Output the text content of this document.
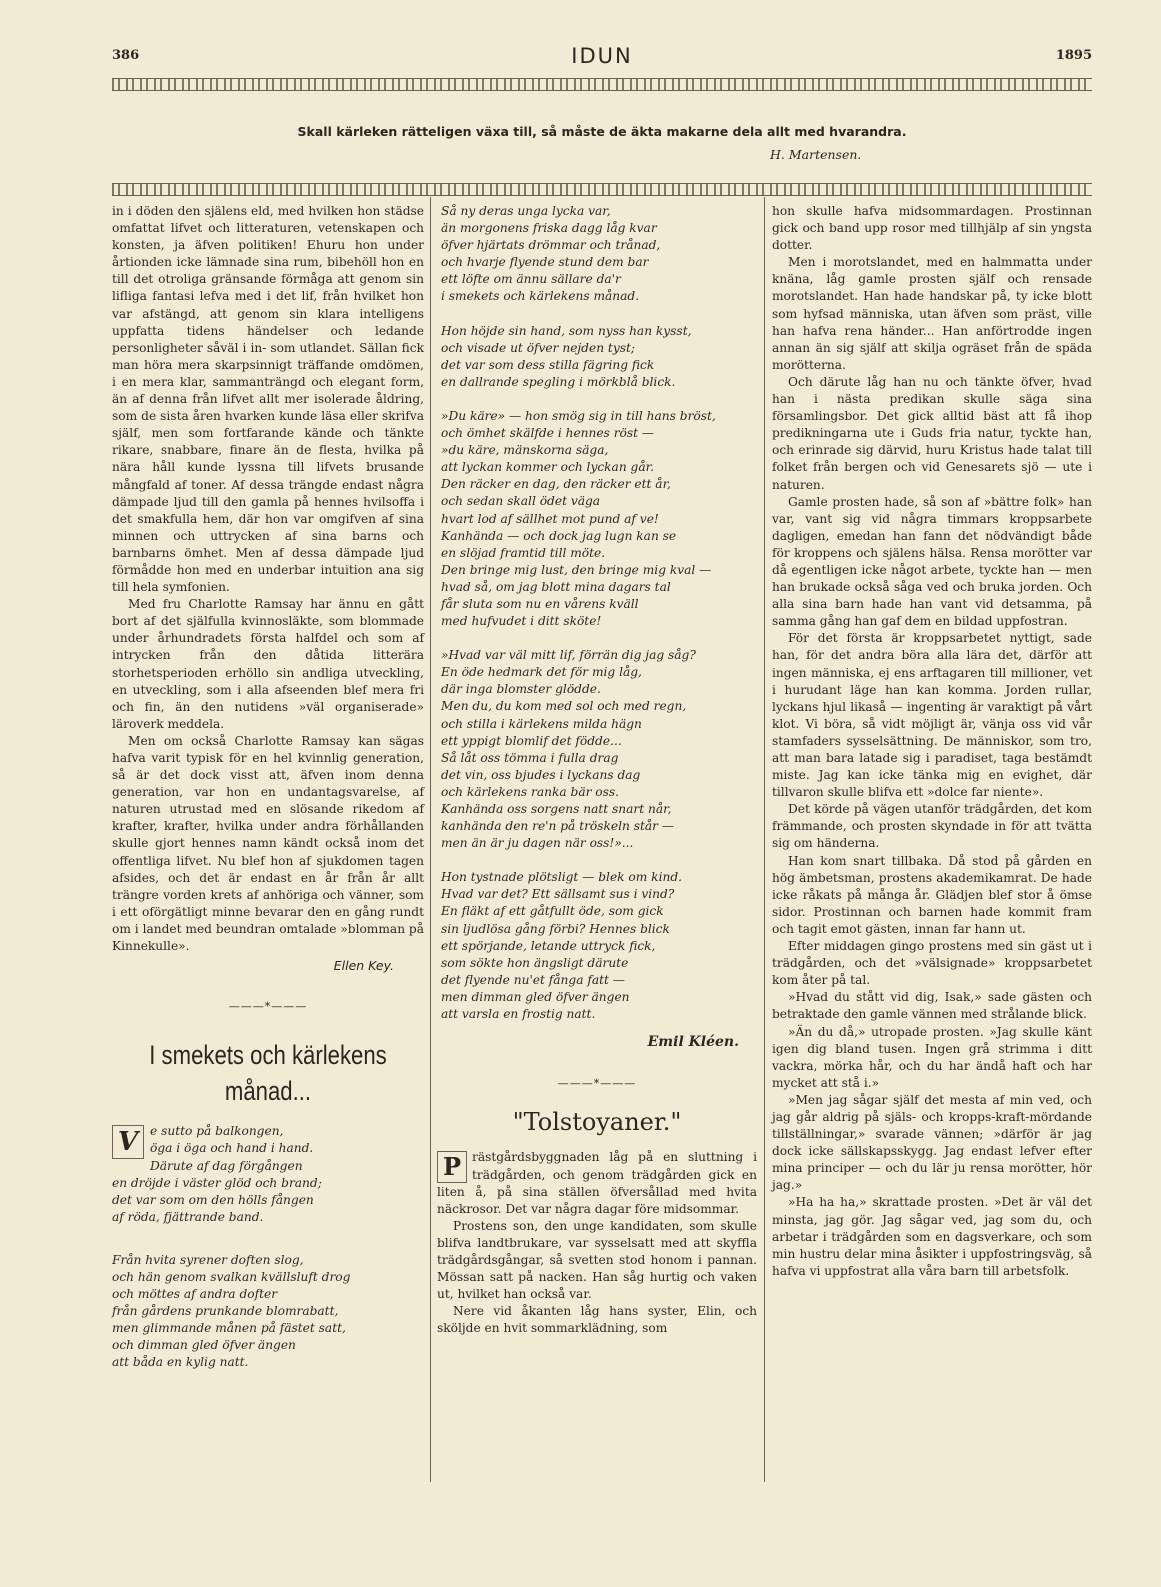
386	IDUN	1895
Skall kärleken rätteligen växa till, så måste de äkta makarne dela allt med hvarandra.
H. Martensen.

in i döden den själens eld, med hvilken hon städse omfattat lifvet och litteraturen, vetenskapen och konsten, ja äfven politiken! Ehuru hon under årtionden icke lämnade sina rum, bibehöll hon en till det otroliga gränsande förmåga att genom sin lifliga fantasi lefva med i det lif, från hvilket hon var afstängd, att genom sin klara intelligens uppfatta tidens händelser och ledande personligheter såväl i in- som utlandet. Sällan fick man höra mera skarpsinnigt träffande omdömen, i en mera klar, sammanträngd och elegant form, än af denna från lifvet allt mer isolerade åldring, som de sista åren hvarken kunde läsa eller skrifva själf, men som fortfarande kände och tänkte rikare, snabbare, finare än de flesta, hvilka på nära håll kunde lyssna till lifvets brusande mångfald af toner. Af dessa trängde endast några dämpade ljud till den gamla på hennes hvilsoffa i det smakfulla hem, där hon var omgifven af sina minnen och uttrycken af sina barns och barnbarns ömhet. Men af dessa dämpade ljud förmådde hon med en underbar intuition ana sig till hela symfonien.

Med fru Charlotte Ramsay har ännu en gått bort af det själfulla kvinnosläkte, som blommade under århundradets första halfdel och som af intrycken från den dåtida litterära storhetsperioden erhöllo sin andliga utveckling, en utveckling, som i alla afseenden blef mera fri och fin, än den nutidens »väl organiserade» läroverk meddela.

Men om också Charlotte Ramsay kan sägas hafva varit typisk för en hel kvinnlig generation, så är det dock visst att, äfven inom denna generation, var hon en undantagsvarelse, af naturen utrustad med en slösande rikedom af krafter, krafter, hvilka under andra förhållanden skulle gjort hennes namn kändt också inom det offentliga lifvet. Nu blef hon af sjukdomen tagen afsides, och det är endast en år från år allt trängre vorden krets af anhöriga och vänner, som i ett oförgätligt minne bevarar den en gång rundt om i landet med beundran omtalade »blomman på Kinnekulle».

Ellen Key.
———*———
I smekets och kärlekens
månad...
V e sutto på balkongen,
öga i öga och hand i hand.
Därute af dag förgången
en dröjde i väster glöd och brand;
det var som om den hölls fången
af röda, fjättrande band.
Från hvita syrener doften slog,
och hän genom svalkan kvällsluft drog
och möttes af andra dofter
från gårdens prunkande blomrabatt,
men glimmande månen på fästet satt,
och dimman gled öfver ängen
att båda en kylig natt.
Så ny deras unga lycka var,
än morgonens friska dagg låg kvar
öfver hjärtats drömmar och trånad,
och hvarje flyende stund dem bar
ett löfte om ännu sällare da'r
i smekets och kärlekens månad.
Hon höjde sin hand, som nyss han kysst,
och visade ut öfver nejden tyst;
det var som dess stilla fägring fick
en dallrande spegling i mörkblå blick.
»Du käre» — hon smög sig in till hans bröst,
och ömhet skälfde i hennes röst —
»du käre, mänskorna säga,
att lyckan kommer och lyckan går.
Den räcker en dag, den räcker ett år,
och sedan skall ödet väga
hvart lod af sällhet mot pund af ve!
Kanhända — och dock jag lugn kan se
en slöjad framtid till möte.
Den bringe mig lust, den bringe mig kval —
hvad så, om jag blott mina dagars tal
får sluta som nu en vårens kväll
med hufvudet i ditt sköte!
»Hvad var väl mitt lif, förrän dig jag såg?
En öde hedmark det för mig låg,
där inga blomster glödde.
Men du, du kom med sol och med regn,
och stilla i kärlekens milda hägn
ett yppigt blomlif det födde...
Så låt oss tömma i fulla drag
det vin, oss bjudes i lyckans dag
och kärlekens ranka bär oss.
Kanhända oss sorgens natt snart når,
kanhända den re'n på tröskeln står —
men än är ju dagen när oss!»...
Hon tystnade plötsligt — blek om kind.
Hvad var det? Ett sällsamt sus i vind?
En fläkt af ett gåtfullt öde, som gick
sin ljudlösa gång förbi? Hennes blick
ett spörjande, letande uttryck fick,
som sökte hon ängsligt därute
det flyende nu'et fånga fatt —
men dimman gled öfver ängen
att varsla en frostig natt.
Emil Kléen.
———*———
"Tolstoyaner."

P rästgårdsbyggnaden låg på en sluttning i trädgården, och genom trädgården gick en liten å, på sina ställen öfversållad med hvita näckrosor. Det var några dagar före midsommar.

Prostens son, den unge kandidaten, som skulle blifva landtbrukare, var sysselsatt med att skyffla trädgårdsgångar, så svetten stod honom i pannan. Mössan satt på nacken. Han såg hurtig och vaken ut, hvilket han också var.

Nere vid åkanten låg hans syster, Elin, och sköljde en hvit sommarklädning, som

hon skulle hafva midsommardagen. Prostinnan gick och band upp rosor med tillhjälp af sin yngsta dotter.

Men i morotslandet, med en halmmatta under knäna, låg gamle prosten själf och rensade morotslandet. Han hade handskar på, ty icke blott som hyfsad människa, utan äfven som präst, ville han hafva rena händer... Han anförtrodde ingen annan än sig själf att skilja ogräset från de späda morötterna.

Och därute låg han nu och tänkte öfver, hvad han i nästa predikan skulle säga sina församlingsbor. Det gick alltid bäst att få ihop predikningarna ute i Guds fria natur, tyckte han, och erinrade sig därvid, huru Kristus hade talat till folket från bergen och vid Genesarets sjö — ute i naturen.

Gamle prosten hade, så son af »bättre folk» han var, vant sig vid några timmars kroppsarbete dagligen, emedan han fann det nödvändigt både för kroppens och själens hälsa. Rensa morötter var då egentligen icke något arbete, tyckte han — men han brukade också såga ved och bruka jorden. Och alla sina barn hade han vant vid detsamma, på samma gång han gaf dem en bildad uppfostran.

För det första är kroppsarbetet nyttigt, sade han, för det andra böra alla lära det, därför att ingen människa, ej ens arftagaren till millioner, vet i hurudant läge han kan komma. Jorden rullar, lyckans hjul likaså — ingenting är varaktigt på vårt klot. Vi böra, så vidt möjligt är, vänja oss vid vår stamfaders sysselsättning. De människor, som tro, att man bara latade sig i paradiset, taga bestämdt miste. Jag kan icke tänka mig en evighet, där tillvaron skulle blifva ett »dolce far niente».

Det körde på vägen utanför trädgården, det kom främmande, och prosten skyndade in för att tvätta sig om händerna.

Han kom snart tillbaka. Då stod på gården en hög ämbetsman, prostens akademikamrat. De hade icke råkats på många år. Glädjen blef stor å ömse sidor. Prostinnan och barnen hade kommit fram och tagit emot gästen, innan far hann ut.

Efter middagen gingo prostens med sin gäst ut i trädgården, och det »välsignade» kroppsarbetet kom åter på tal.

»Hvad du stått vid dig, Isak,» sade gästen och betraktade den gamle vännen med strålande blick.

»Än du då,» utropade prosten. »Jag skulle känt igen dig bland tusen. Ingen grå strimma i ditt vackra, mörka hår, och du har ändå haft och har mycket att stå i.»

»Men jag sågar själf det mesta af min ved, och jag går aldrig på själs- och kropps-kraft-mördande tillställningar,» svarade vännen; »därför är jag dock icke sällskapsskygg. Jag endast lefver efter mina principer — och du lär ju rensa morötter, hör jag.»

»Ha ha ha,» skrattade prosten. »Det är väl det minsta, jag gör. Jag sågar ved, jag som du, och arbetar i trädgården som en dagsverkare, och som min hustru delar mina åsikter i uppfostringsväg, så hafva vi uppfostrat alla våra barn till arbetsfolk.
